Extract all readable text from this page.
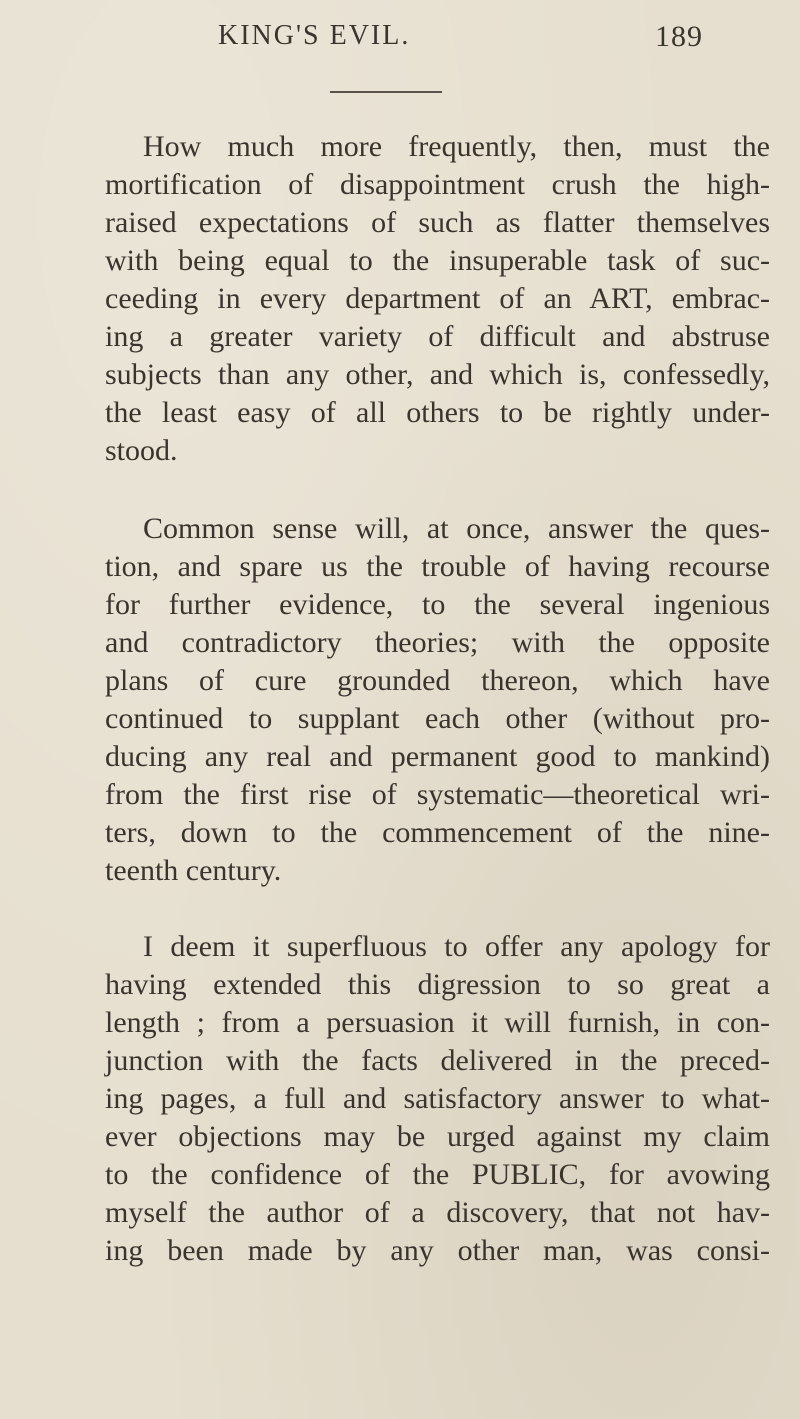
KING'S EVIL.	189

How much more frequently, then, must the
mortification of disappointment crush the high-
raised expectations of such as flatter themselves
with being equal to the insuperable task of suc-
ceeding in every department of an ART, embrac-
ing a greater variety of difficult and abstruse
subjects than any other, and which is, confessedly,
the least easy of all others to be rightly under-
stood.

Common sense will, at once, answer the ques-
tion, and spare us the trouble of having recourse
for further evidence, to the several ingenious
and contradictory theories; with the opposite
plans of cure grounded thereon, which have
continued to supplant each other (without pro-
ducing any real and permanent good to mankind)
from the first rise of systematic—theoretical wri-
ters, down to the commencement of the nine-
teenth century.

I deem it superfluous to offer any apology for
having extended this digression to so great a
length ; from a persuasion it will furnish, in con-
junction with the facts delivered in the preced-
ing pages, a full and satisfactory answer to what-
ever objections may be urged against my claim
to the confidence of the PUBLIC, for avowing
myself the author of a discovery, that not hav-
ing been made by any other man, was consi-
